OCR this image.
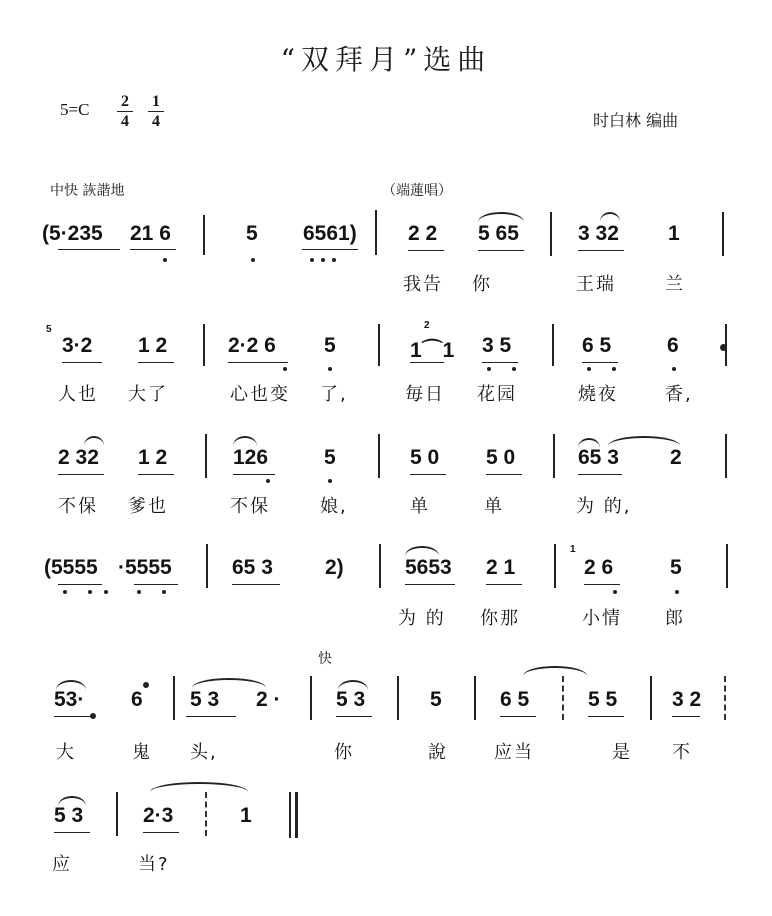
“双拜月”选曲
5=C 2
4
1
4	时白林 编曲
中快 詼諧地	（端蓮唱）
(5·235 21 6	5 6561) 2 2 5 65	3 32 1
我告 你	王瑞	兰
5
3·2 1 2	2·2 6 5
2
1⌒1 3 5	6 5	6
人也 大了	心也变 了,	毎日 花园	燒夜	香,
2 32 1 2	126	5	5 0 5 0	65 3 2
不保 爹也	不保	娘,	单	单	为 的,
(5555 ·5555	65 3 2)	5653 2 1
1
2 6	5
为 的 你那	小情 郎
快
53· 6 5 3 2 ·	5 3	5	6 5	5 5	3 2
大	鬼 头,	你	說	应当	是 不
5 3	2·3	1
应	当?
